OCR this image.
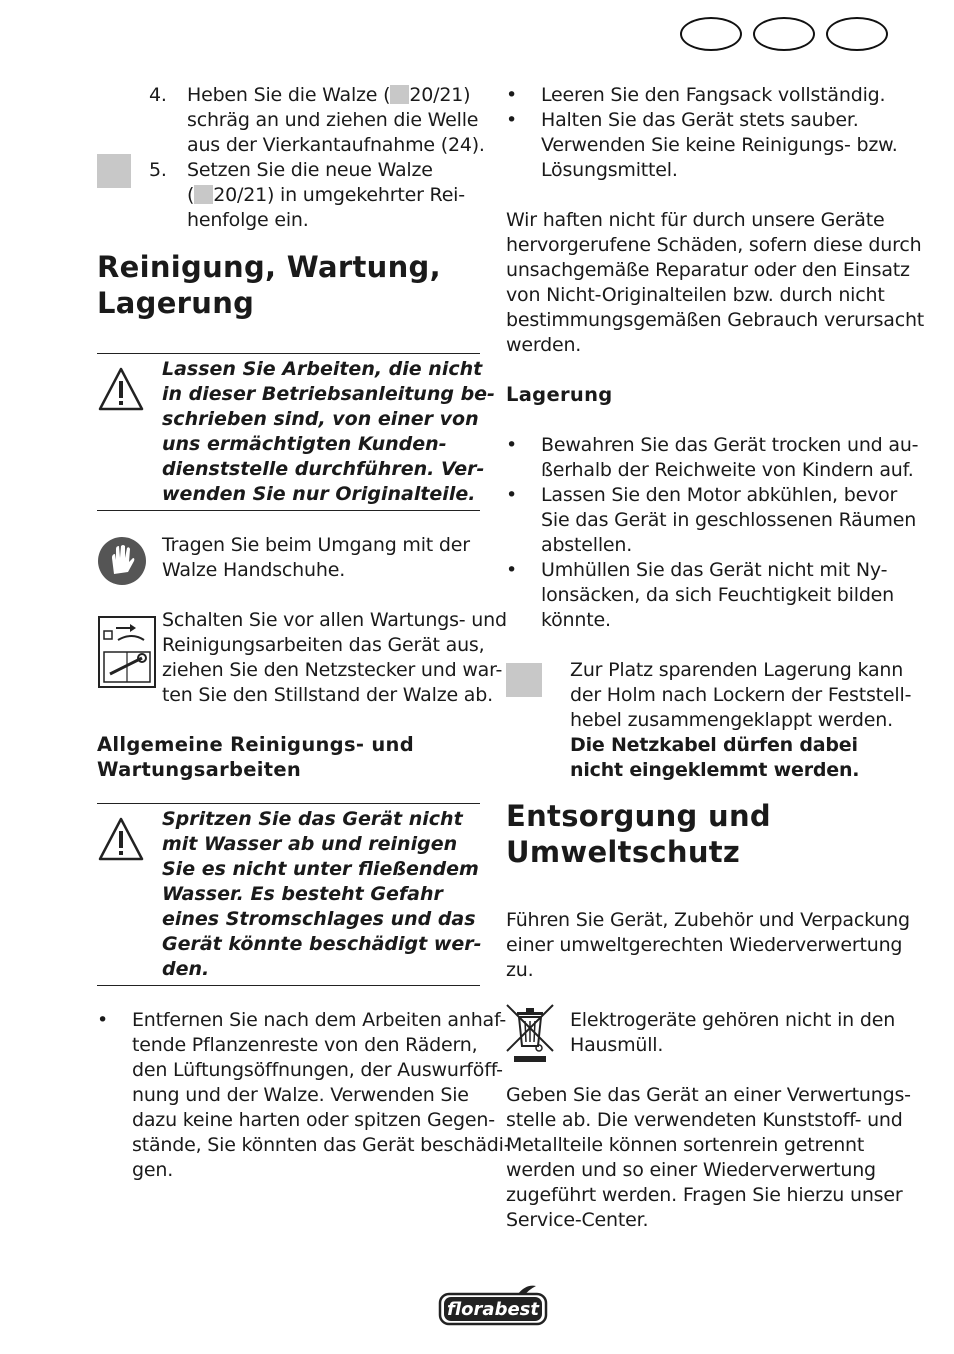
4. Heben Sie die Walze ( 20/21)
schräg an und ziehen die Welle
aus der Vierkantaufnahme (24).
5. Setzen Sie die neue Walze
( 20/21) in umgekehrter Rei-
henfolge ein.
Reinigung, Wartung,
Lagerung
Lassen Sie Arbeiten, die nicht
in dieser Betriebsanleitung be-
schrieben sind, von einer von
uns ermächtigten Kunden-
dienststelle durchführen. Ver-
wenden Sie nur Originalteile.
Tragen Sie beim Umgang mit der
Walze Handschuhe.
Schalten Sie vor allen Wartungs- und
Reinigungsarbeiten das Gerät aus,
ziehen Sie den Netzstecker und war-
ten Sie den Stillstand der Walze ab.
Allgemeine Reinigungs- und
Wartungsarbeiten
Spritzen Sie das Gerät nicht
mit Wasser ab und reinigen
Sie es nicht unter fließendem
Wasser. Es besteht Gefahr
eines Stromschlages und das
Gerät könnte beschädigt wer-
den.
• Entfernen Sie nach dem Arbeiten anhaf-
tende Pflanzenreste von den Rädern,
den Lüftungsöffnungen, der Auswurföff-
nung und der Walze. Verwenden Sie
dazu keine harten oder spitzen Gegen-
stände, Sie könnten das Gerät beschädi-
gen.
• Leeren Sie den Fangsack vollständig.
• Halten Sie das Gerät stets sauber.
Verwenden Sie keine Reinigungs- bzw.
Lösungsmittel.
Wir haften nicht für durch unsere Geräte
hervorgerufene Schäden, sofern diese durch
unsachgemäße Reparatur oder den Einsatz
von Nicht-Originalteilen bzw. durch nicht
bestimmungsgemäßen Gebrauch verursacht
werden.
Lagerung
• Bewahren Sie das Gerät trocken und au-
ßerhalb der Reichweite von Kindern auf.
• Lassen Sie den Motor abkühlen, bevor
Sie das Gerät in geschlossenen Räumen
abstellen.
• Umhüllen Sie das Gerät nicht mit Ny-
lonsäcken, da sich Feuchtigkeit bilden
könnte.
Zur Platz sparenden Lagerung kann
der Holm nach Lockern der Feststell-
hebel zusammengeklappt werden.
Die Netzkabel dürfen dabei
nicht eingeklemmt werden.
Entsorgung und
Umweltschutz
Führen Sie Gerät, Zubehör und Verpackung
einer umweltgerechten Wiederverwertung
zu.
Elektrogeräte gehören nicht in den
Hausmüll.
Geben Sie das Gerät an einer Verwertungs-
stelle ab. Die verwendeten Kunststoff- und
Metallteile können sortenrein getrennt
werden und so einer Wiederverwertung
zugeführt werden. Fragen Sie hierzu unser
Service-Center.
florabest
